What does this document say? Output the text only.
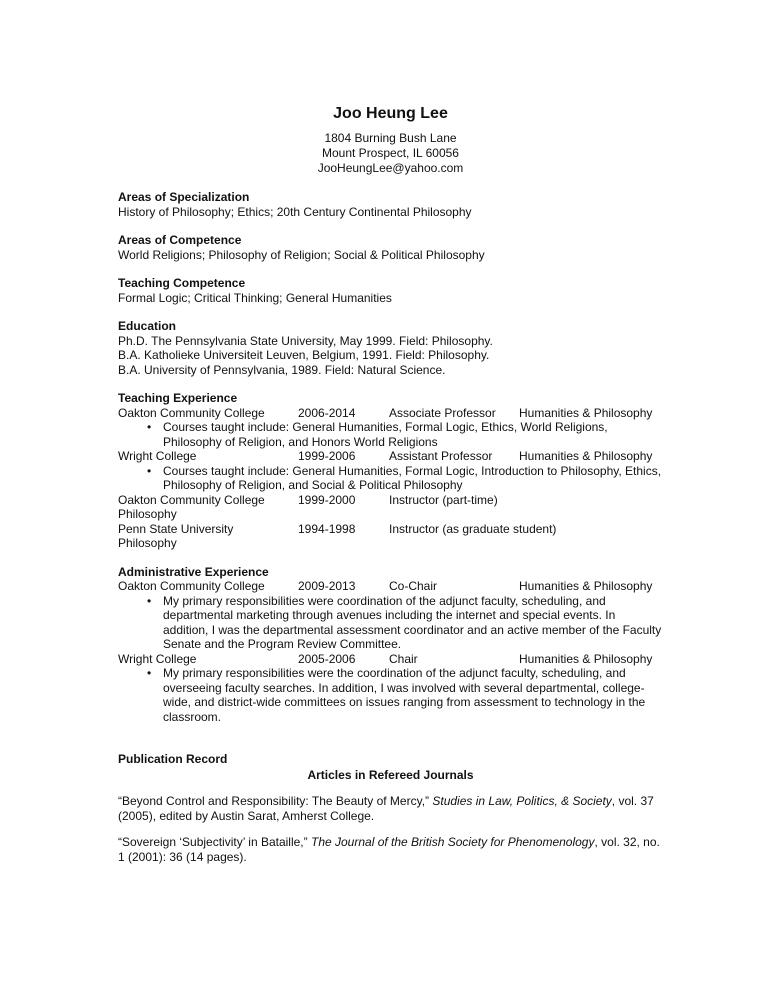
Joo Heung Lee
1804 Burning Bush Lane
Mount Prospect, IL 60056
JooHeungLee@yahoo.com
Areas of Specialization
History of Philosophy; Ethics; 20th Century Continental Philosophy
Areas of Competence
World Religions; Philosophy of Religion; Social & Political Philosophy
Teaching Competence
Formal Logic; Critical Thinking; General Humanities
Education
Ph.D. The Pennsylvania State University, May 1999. Field: Philosophy.
B.A. Katholieke Universiteit Leuven, Belgium, 1991. Field: Philosophy.
B.A. University of Pennsylvania, 1989. Field: Natural Science.
Teaching Experience
Oakton Community College	2006-2014	Associate Professor	Humanities & Philosophy
• Courses taught include: General Humanities, Formal Logic, Ethics, World Religions, Philosophy of Religion, and Honors World Religions
Wright College	1999-2006	Assistant Professor	Humanities & Philosophy
• Courses taught include: General Humanities, Formal Logic, Introduction to Philosophy, Ethics, Philosophy of Religion, and Social & Political Philosophy
Oakton Community College	1999-2000	Instructor (part-time)
Philosophy
Penn State University	1994-1998	Instructor (as graduate student)
Philosophy
Administrative Experience
Oakton Community College	2009-2013	Co-Chair	Humanities & Philosophy
• My primary responsibilities were coordination of the adjunct faculty, scheduling, and departmental marketing through avenues including the internet and special events. In addition, I was the departmental assessment coordinator and an active member of the Faculty Senate and the Program Review Committee.
Wright College	2005-2006	Chair	Humanities & Philosophy
• My primary responsibilities were the coordination of the adjunct faculty, scheduling, and overseeing faculty searches. In addition, I was involved with several departmental, college-wide, and district-wide committees on issues ranging from assessment to technology in the classroom.
Publication Record
Articles in Refereed Journals
“Beyond Control and Responsibility: The Beauty of Mercy,” Studies in Law, Politics, & Society, vol. 37 (2005), edited by Austin Sarat, Amherst College.
“Sovereign ‘Subjectivity’ in Bataille,” The Journal of the British Society for Phenomenology, vol. 32, no. 1 (2001): 36 (14 pages).
